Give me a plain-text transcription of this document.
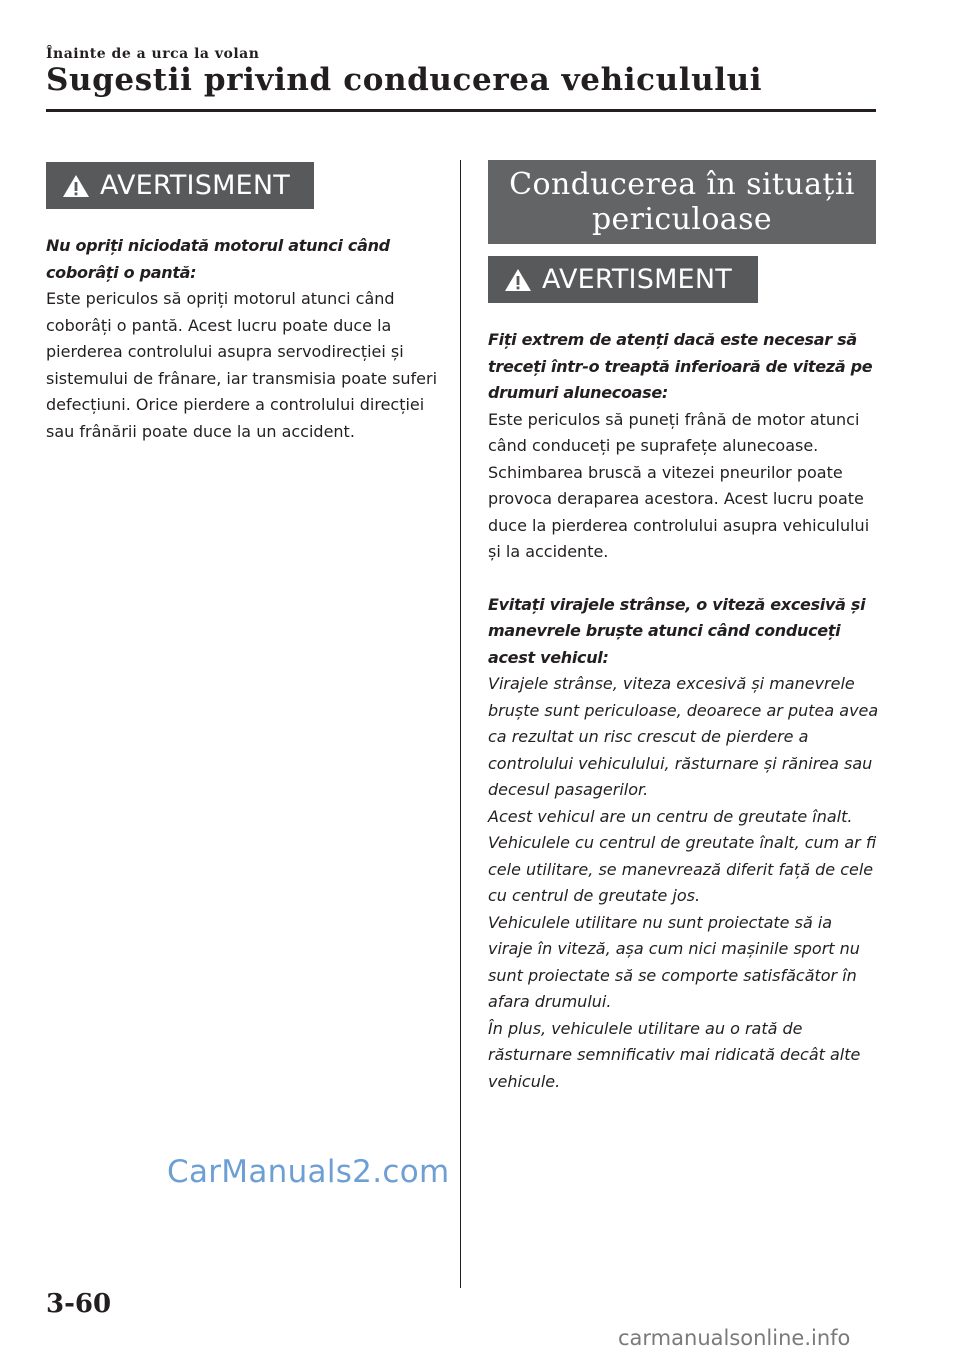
Înainte de a urca la volan
Sugestii privind conducerea vehiculului
AVERTISMENT

Nu opriți niciodată motorul atunci când coborâți o pantă:

Este periculos să opriți motorul atunci când coborâți o pantă. Acest lucru poate duce la pierderea controlului asupra servodirecției și sistemului de frânare, iar transmisia poate suferi defecțiuni. Orice pierdere a controlului direcției sau frânării poate duce la un accident.

Conducerea în situații periculoase
AVERTISMENT

Fiți extrem de atenți dacă este necesar să treceți într-o treaptă inferioară de viteză pe drumuri alunecoase:

Este periculos să puneți frână de motor atunci când conduceți pe suprafețe alunecoase. Schimbarea bruscă a vitezei pneurilor poate provoca deraparea acestora. Acest lucru poate duce la pierderea controlului asupra vehiculului și la accidente.

Evitați virajele strânse, o viteză excesivă și manevrele bruște atunci când conduceți acest vehicul:

Virajele strânse, viteza excesivă și manevrele bruște sunt periculoase, deoarece ar putea avea ca rezultat un risc crescut de pierdere a controlului vehiculului, răsturnare și rănirea sau decesul pasagerilor.

Acest vehicul are un centru de greutate înalt. Vehiculele cu centrul de greutate înalt, cum ar fi cele utilitare, se manevrează diferit față de cele cu centrul de greutate jos.

Vehiculele utilitare nu sunt proiectate să ia viraje în viteză, așa cum nici mașinile sport nu sunt proiectate să se comporte satisfăcător în afara drumului.

În plus, vehiculele utilitare au o rată de răsturnare semnificativ mai ridicată decât alte vehicule.

CarManuals2.com
3-60
carmanualsonline.info
